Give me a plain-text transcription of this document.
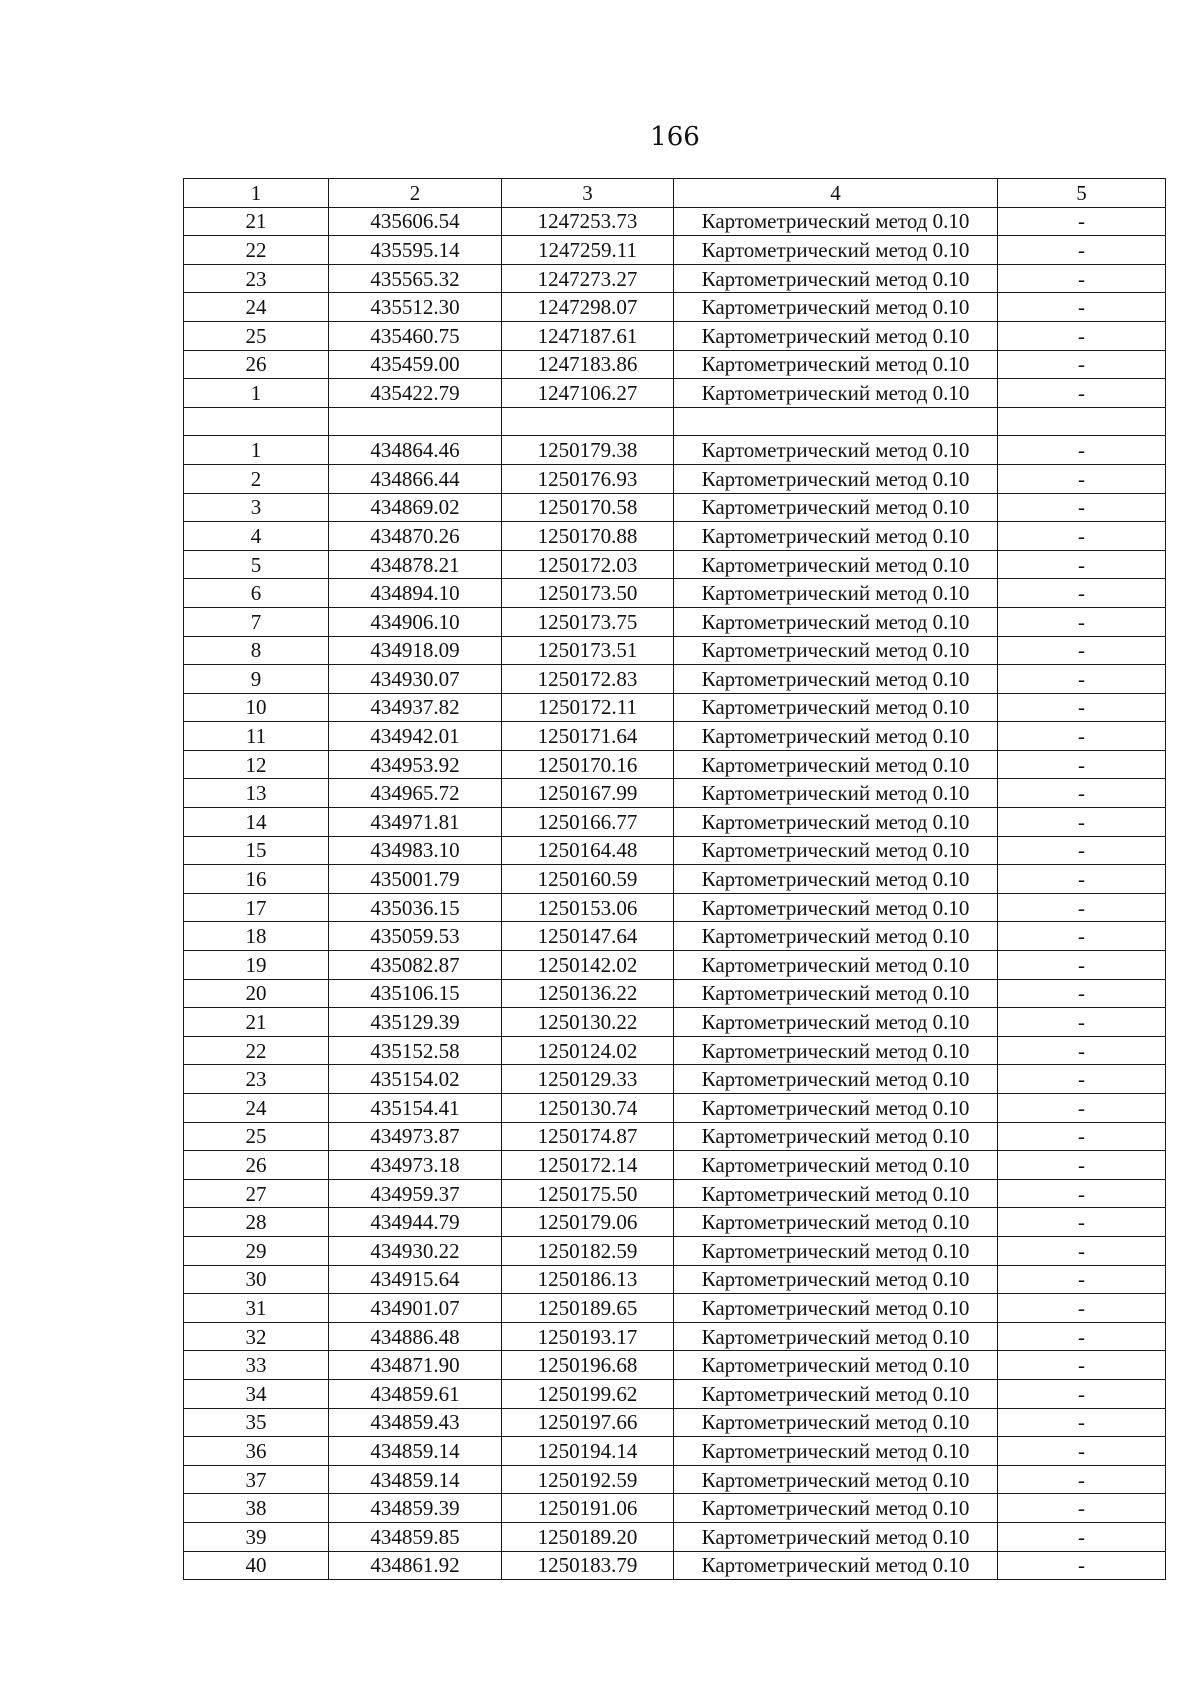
166
1	2	3	4	5
21	435606.54	1247253.73	Картометрический метод 0.10	-
22	435595.14	1247259.11	Картометрический метод 0.10	-
23	435565.32	1247273.27	Картометрический метод 0.10	-
24	435512.30	1247298.07	Картометрический метод 0.10	-
25	435460.75	1247187.61	Картометрический метод 0.10	-
26	435459.00	1247183.86	Картометрический метод 0.10	-
1	435422.79	1247106.27	Картометрический метод 0.10	-

1	434864.46	1250179.38	Картометрический метод 0.10	-
2	434866.44	1250176.93	Картометрический метод 0.10	-
3	434869.02	1250170.58	Картометрический метод 0.10	-
4	434870.26	1250170.88	Картометрический метод 0.10	-
5	434878.21	1250172.03	Картометрический метод 0.10	-
6	434894.10	1250173.50	Картометрический метод 0.10	-
7	434906.10	1250173.75	Картометрический метод 0.10	-
8	434918.09	1250173.51	Картометрический метод 0.10	-
9	434930.07	1250172.83	Картометрический метод 0.10	-
10	434937.82	1250172.11	Картометрический метод 0.10	-
11	434942.01	1250171.64	Картометрический метод 0.10	-
12	434953.92	1250170.16	Картометрический метод 0.10	-
13	434965.72	1250167.99	Картометрический метод 0.10	-
14	434971.81	1250166.77	Картометрический метод 0.10	-
15	434983.10	1250164.48	Картометрический метод 0.10	-
16	435001.79	1250160.59	Картометрический метод 0.10	-
17	435036.15	1250153.06	Картометрический метод 0.10	-
18	435059.53	1250147.64	Картометрический метод 0.10	-
19	435082.87	1250142.02	Картометрический метод 0.10	-
20	435106.15	1250136.22	Картометрический метод 0.10	-
21	435129.39	1250130.22	Картометрический метод 0.10	-
22	435152.58	1250124.02	Картометрический метод 0.10	-
23	435154.02	1250129.33	Картометрический метод 0.10	-
24	435154.41	1250130.74	Картометрический метод 0.10	-
25	434973.87	1250174.87	Картометрический метод 0.10	-
26	434973.18	1250172.14	Картометрический метод 0.10	-
27	434959.37	1250175.50	Картометрический метод 0.10	-
28	434944.79	1250179.06	Картометрический метод 0.10	-
29	434930.22	1250182.59	Картометрический метод 0.10	-
30	434915.64	1250186.13	Картометрический метод 0.10	-
31	434901.07	1250189.65	Картометрический метод 0.10	-
32	434886.48	1250193.17	Картометрический метод 0.10	-
33	434871.90	1250196.68	Картометрический метод 0.10	-
34	434859.61	1250199.62	Картометрический метод 0.10	-
35	434859.43	1250197.66	Картометрический метод 0.10	-
36	434859.14	1250194.14	Картометрический метод 0.10	-
37	434859.14	1250192.59	Картометрический метод 0.10	-
38	434859.39	1250191.06	Картометрический метод 0.10	-
39	434859.85	1250189.20	Картометрический метод 0.10	-
40	434861.92	1250183.79	Картометрический метод 0.10	-
